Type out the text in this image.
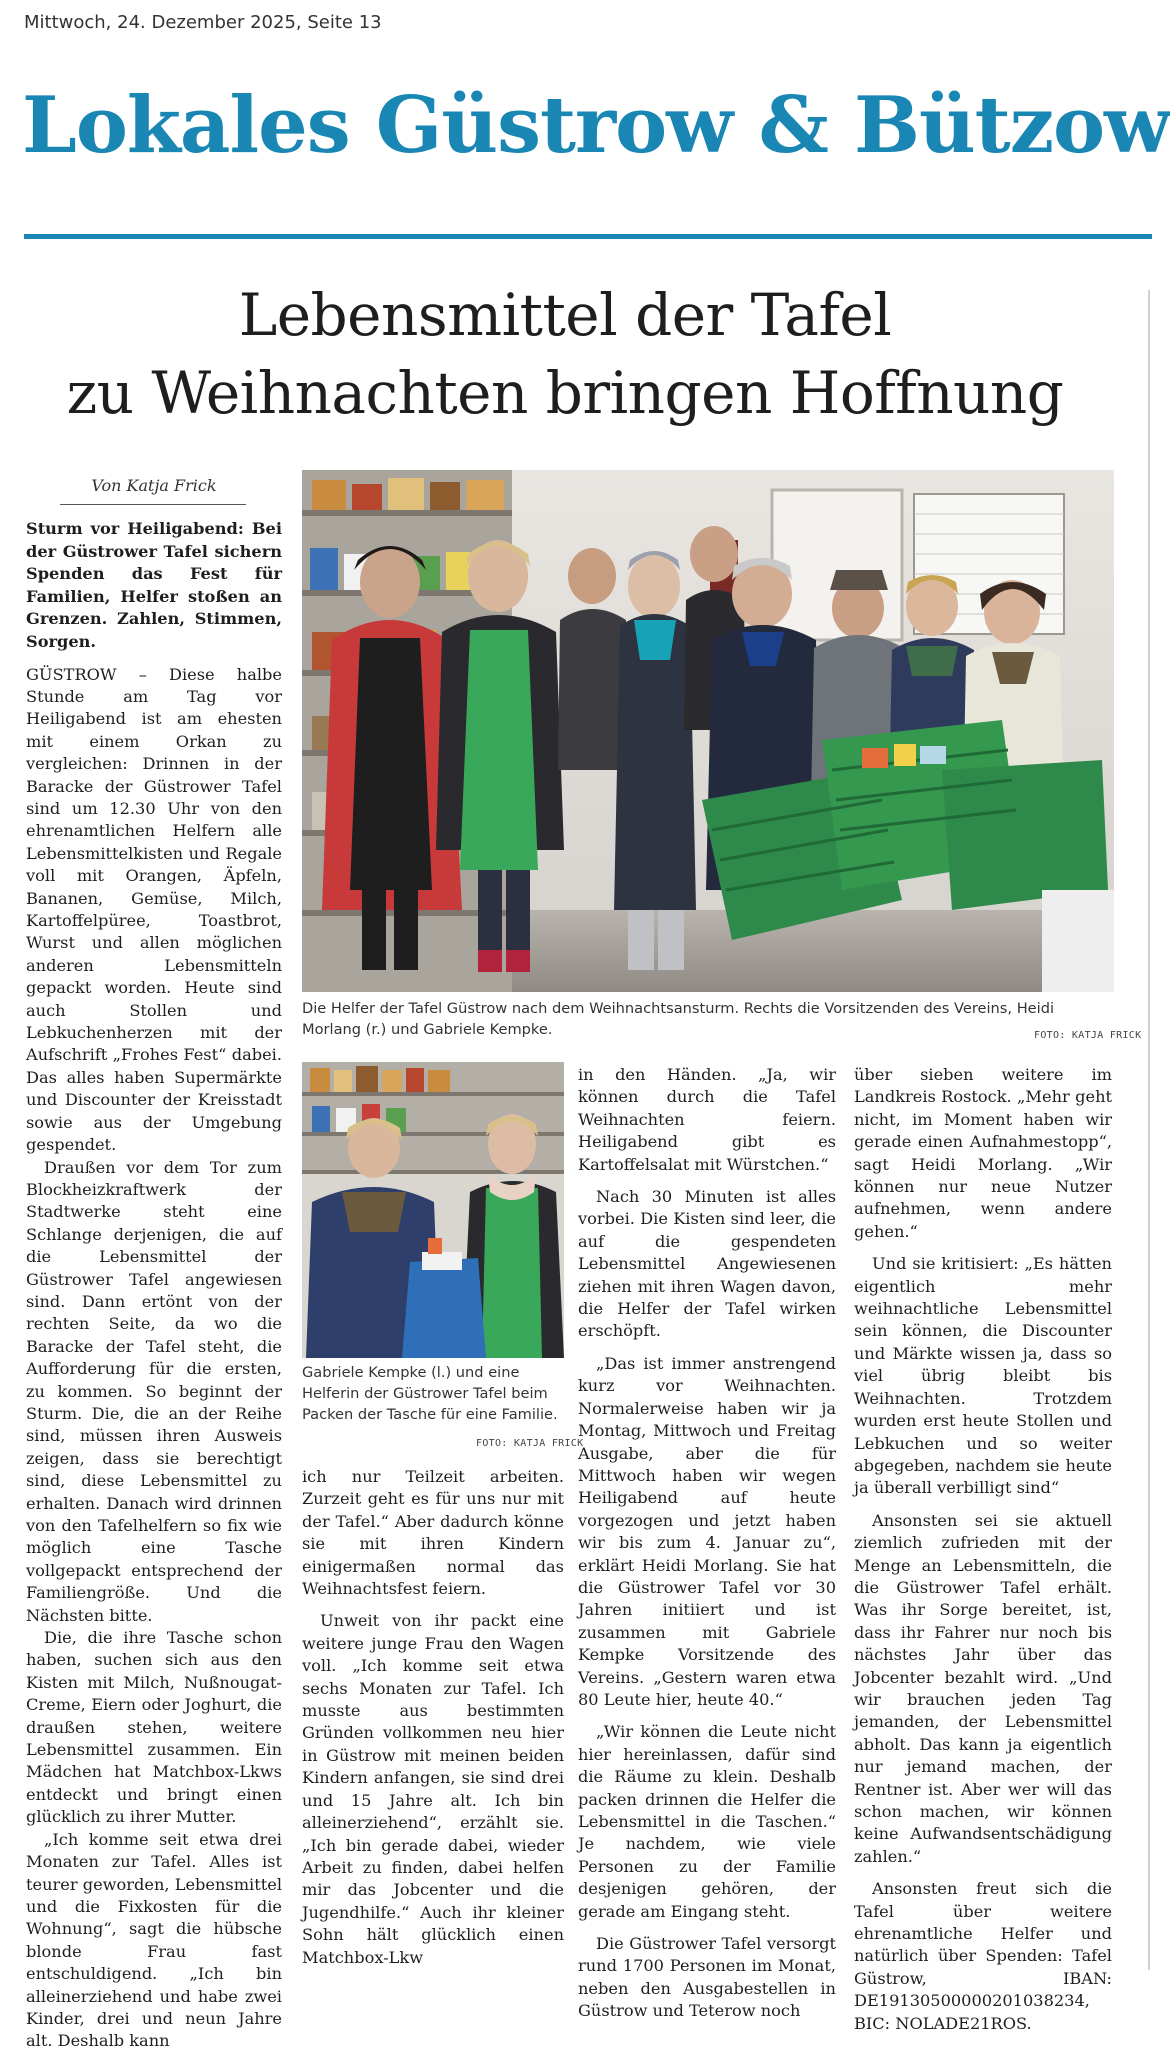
Mittwoch, 24. Dezember 2025, Seite 13
Lokales Güstrow & Bützow
Lebensmittel der Tafel
zu Weihnachten bringen Hoffnung
Von Katja Frick

Sturm vor Heiligabend: Bei der Güstrower Tafel sichern Spenden das Fest für Familien, Helfer stoßen an Grenzen. Zahlen, Stimmen, Sorgen.

GÜSTROW – Diese halbe Stunde am Tag vor Heiligabend ist am ehesten mit einem Orkan zu vergleichen: Drinnen in der Baracke der Güstrower Tafel sind um 12.30 Uhr von den ehrenamtlichen Helfern alle Lebensmittelkisten und Regale voll mit Orangen, Äpfeln, Bananen, Gemüse, Milch, Kartoffelpüree, Toastbrot, Wurst und allen möglichen anderen Lebensmitteln gepackt worden. Heute sind auch Stollen und Lebkuchenherzen mit der Aufschrift „Frohes Fest“ dabei. Das alles haben Supermärkte und Discounter der Kreisstadt sowie aus der Umgebung gespendet.

Draußen vor dem Tor zum Blockheizkraftwerk der Stadtwerke steht eine Schlange derjenigen, die auf die Lebensmittel der Güstrower Tafel angewiesen sind. Dann ertönt von der rechten Seite, da wo die Baracke der Tafel steht, die Aufforderung für die ersten, zu kommen. So beginnt der Sturm. Die, die an der Reihe sind, müssen ihren Ausweis zeigen, dass sie berechtigt sind, diese Lebensmittel zu erhalten. Danach wird drinnen von den Tafelhelfern so fix wie möglich eine Tasche vollgepackt entsprechend der Familiengröße. Und die Nächsten bitte.

Die, die ihre Tasche schon haben, suchen sich aus den Kisten mit Milch, Nußnougat-Creme, Eiern oder Joghurt, die draußen stehen, weitere Lebensmittel zusammen. Ein Mädchen hat Matchbox-Lkws entdeckt und bringt einen glücklich zu ihrer Mutter.

„Ich komme seit etwa drei Monaten zur Tafel. Alles ist teurer geworden, Lebensmittel und die Fixkosten für die Wohnung“, sagt die hübsche blonde Frau fast entschuldigend. „Ich bin alleinerziehend und habe zwei Kinder, drei und neun Jahre alt. Deshalb kann

Die Helfer der Tafel Güstrow nach dem Weihnachtsansturm. Rechts die Vorsitzenden des Vereins, Heidi Morlang (r.) und Gabriele Kempke.	FOTO: KATJA FRICK
Gabriele Kempke (l.) und eine Helferin der Güstrower Tafel beim Packen der Tasche für eine Familie.
FOTO: KATJA FRICK

ich nur Teilzeit arbeiten. Zurzeit geht es für uns nur mit der Tafel.“ Aber dadurch könne sie mit ihren Kindern einigermaßen normal das Weihnachtsfest feiern.

Unweit von ihr packt eine weitere junge Frau den Wagen voll. „Ich komme seit etwa sechs Monaten zur Tafel. Ich musste aus bestimmten Gründen vollkommen neu hier in Güstrow mit meinen beiden Kindern anfangen, sie sind drei und 15 Jahre alt. Ich bin alleinerziehend“, erzählt sie. „Ich bin gerade dabei, wieder Arbeit zu finden, dabei helfen mir das Jobcenter und die Jugendhilfe.“ Auch ihr kleiner Sohn hält glücklich einen Matchbox-Lkw

in den Händen. „Ja, wir können durch die Tafel Weihnachten feiern. Heiligabend gibt es Kartoffelsalat mit Würstchen.“

Nach 30 Minuten ist alles vorbei. Die Kisten sind leer, die auf die gespendeten Lebensmittel Angewiesenen ziehen mit ihren Wagen davon, die Helfer der Tafel wirken erschöpft.

„Das ist immer anstrengend kurz vor Weihnachten. Normalerweise haben wir ja Montag, Mittwoch und Freitag Ausgabe, aber die für Mittwoch haben wir wegen Heiligabend auf heute vorgezogen und jetzt haben wir bis zum 4. Januar zu“, erklärt Heidi Morlang. Sie hat die Güstrower Tafel vor 30 Jahren initiiert und ist zusammen mit Gabriele Kempke Vorsitzende des Vereins. „Gestern waren etwa 80 Leute hier, heute 40.“

„Wir können die Leute nicht hier hereinlassen, dafür sind die Räume zu klein. Deshalb packen drinnen die Helfer die Lebensmittel in die Taschen.“ Je nachdem, wie viele Personen zu der Familie desjenigen gehören, der gerade am Eingang steht.

Die Güstrower Tafel versorgt rund 1700 Personen im Monat, neben den Ausgabestellen in Güstrow und Teterow noch

über sieben weitere im Landkreis Rostock. „Mehr geht nicht, im Moment haben wir gerade einen Aufnahmestopp“, sagt Heidi Morlang. „Wir können nur neue Nutzer aufnehmen, wenn andere gehen.“

Und sie kritisiert: „Es hätten eigentlich mehr weihnachtliche Lebensmittel sein können, die Discounter und Märkte wissen ja, dass so viel übrig bleibt bis Weihnachten. Trotzdem wurden erst heute Stollen und Lebkuchen und so weiter abgegeben, nachdem sie heute ja überall verbilligt sind“

Ansonsten sei sie aktuell ziemlich zufrieden mit der Menge an Lebensmitteln, die die Güstrower Tafel erhält. Was ihr Sorge bereitet, ist, dass ihr Fahrer nur noch bis nächstes Jahr über das Jobcenter bezahlt wird. „Und wir brauchen jeden Tag jemanden, der Lebensmittel abholt. Das kann ja eigentlich nur jemand machen, der Rentner ist. Aber wer will das schon machen, wir können keine Aufwandsentschädigung zahlen.“

Ansonsten freut sich die Tafel über weitere ehrenamtliche Helfer und natürlich über Spenden: Tafel Güstrow, IBAN: DE19130500000201038234, BIC: NOLADE21ROS.
